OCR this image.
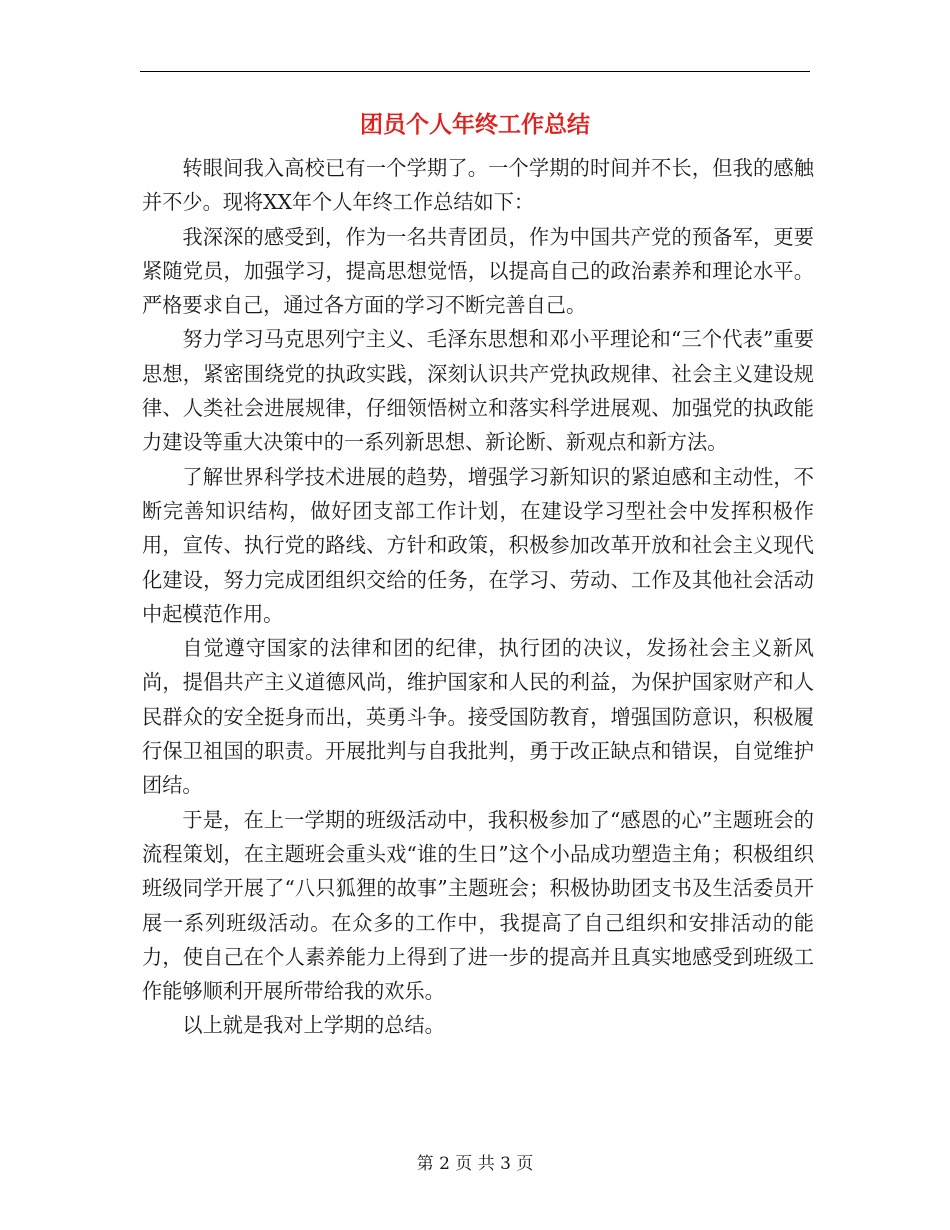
团员个人年终工作总结

转眼间我入高校已有一个学期了。一个学期的时间并不长，但我的感触并不少。现将XX年个人年终工作总结如下：

我深深的感受到，作为一名共青团员，作为中国共产党的预备军，更要紧随党员，加强学习，提高思想觉悟，以提高自己的政治素养和理论水平。严格要求自己，通过各方面的学习不断完善自己。

努力学习马克思列宁主义、毛泽东思想和邓小平理论和“三个代表”重要思想，紧密围绕党的执政实践，深刻认识共产党执政规律、社会主义建设规律、人类社会进展规律，仔细领悟树立和落实科学进展观、加强党的执政能力建设等重大决策中的一系列新思想、新论断、新观点和新方法。

了解世界科学技术进展的趋势，增强学习新知识的紧迫感和主动性，不断完善知识结构，做好团支部工作计划，在建设学习型社会中发挥积极作用，宣传、执行党的路线、方针和政策，积极参加改革开放和社会主义现代化建设，努力完成团组织交给的任务，在学习、劳动、工作及其他社会活动中起模范作用。

自觉遵守国家的法律和团的纪律，执行团的决议，发扬社会主义新风尚，提倡共产主义道德风尚，维护国家和人民的利益，为保护国家财产和人民群众的安全挺身而出，英勇斗争。接受国防教育，增强国防意识，积极履行保卫祖国的职责。开展批判与自我批判，勇于改正缺点和错误，自觉维护团结。

于是，在上一学期的班级活动中，我积极参加了“感恩的心”主题班会的流程策划，在主题班会重头戏“谁的生日”这个小品成功塑造主角；积极组织班级同学开展了“八只狐狸的故事”主题班会；积极协助团支书及生活委员开展一系列班级活动。在众多的工作中，我提高了自己组织和安排活动的能力，使自己在个人素养能力上得到了进一步的提高并且真实地感受到班级工作能够顺利开展所带给我的欢乐。

以上就是我对上学期的总结。

第 2 页 共 3 页
